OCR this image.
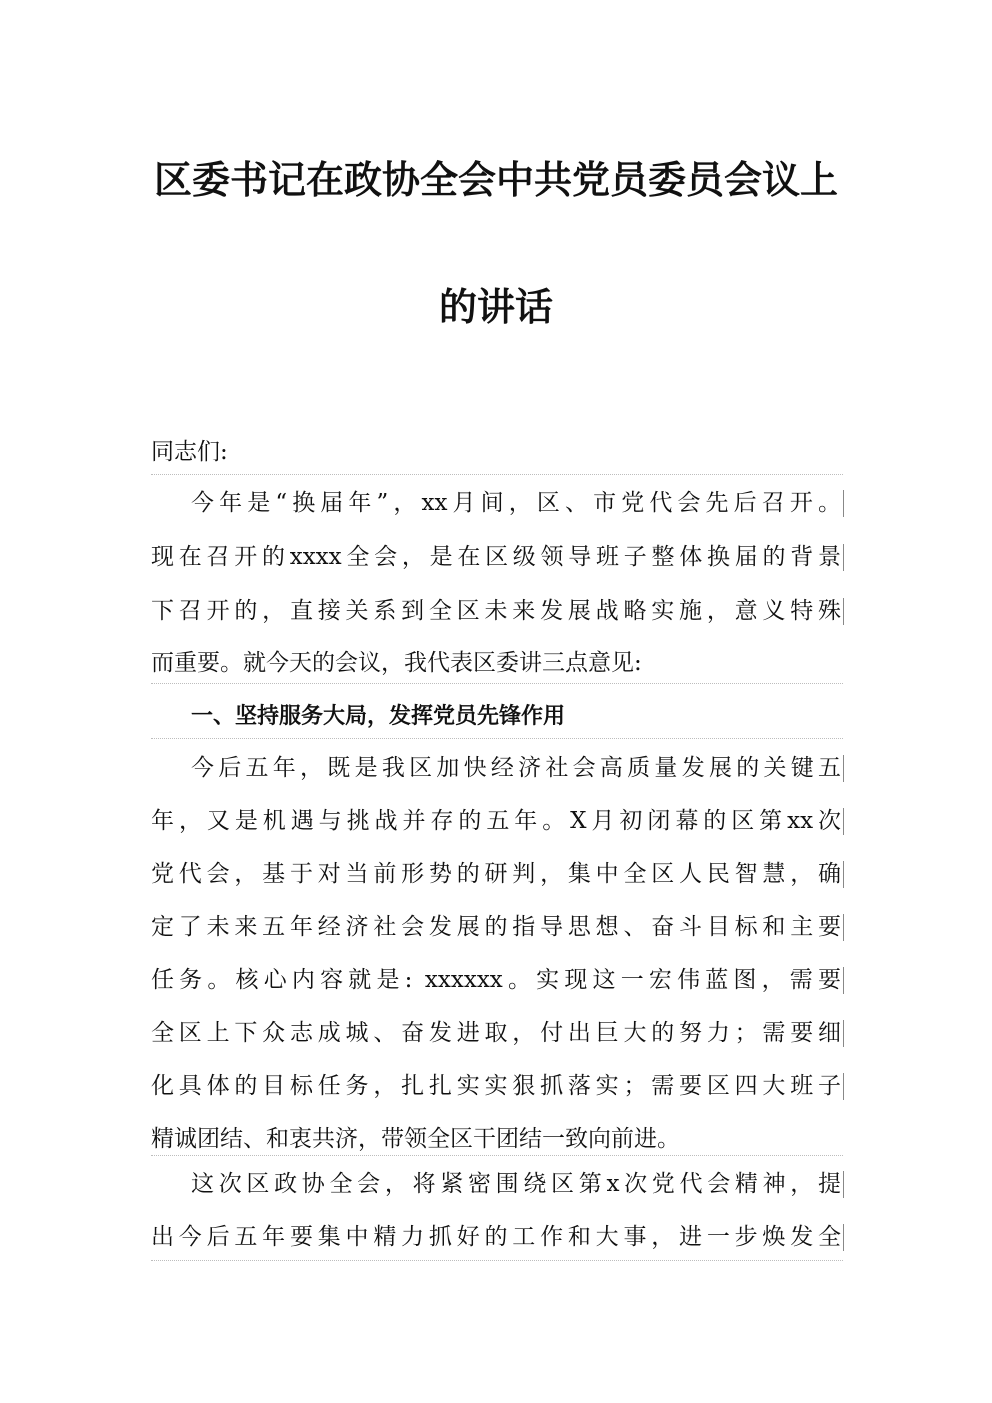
区委书记在政协全会中共党员委员会议上
的讲话
同志们:
今年是“换届年”，xx月间，区、市党代会先后召开。
现在召开的xxxx全会，是在区级领导班子整体换届的背景
下召开的，直接关系到全区未来发展战略实施，意义特殊
而重要。就今天的会议，我代表区委讲三点意见:
一、坚持服务大局，发挥党员先锋作用
今后五年，既是我区加快经济社会高质量发展的关键五
年，又是机遇与挑战并存的五年。X月初闭幕的区第xx次
党代会，基于对当前形势的研判，集中全区人民智慧，确
定了未来五年经济社会发展的指导思想、奋斗目标和主要
任务。核心内容就是: xxxxxx。实现这一宏伟蓝图，需要
全区上下众志成城、奋发进取，付出巨大的努力；需要细
化具体的目标任务，扎扎实实狠抓落实；需要区四大班子
精诚团结、和衷共济，带领全区干团结一致向前进。
这次区政协全会，将紧密围绕区第x次党代会精神，提
出今后五年要集中精力抓好的工作和大事，进一步焕发全
